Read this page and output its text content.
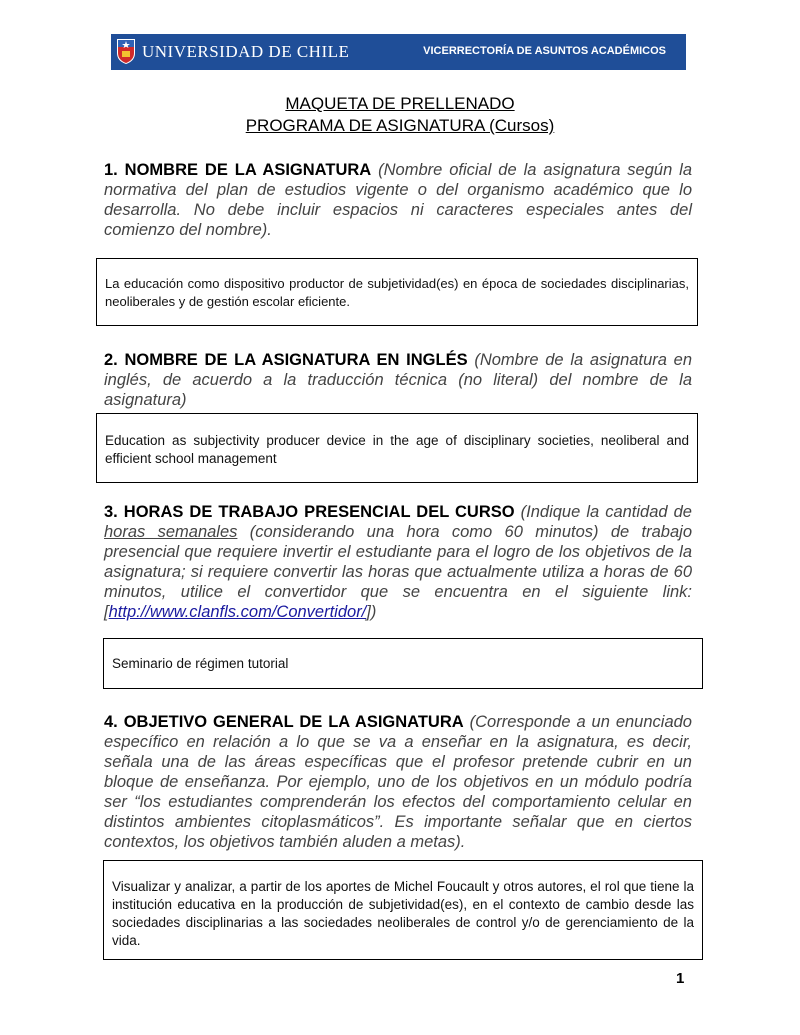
UNIVERSIDAD DE CHILE	VICERRECTORÍA DE ASUNTOS ACADÉMICOS
MAQUETA DE PRELLENADO
PROGRAMA DE ASIGNATURA (Cursos)
1. NOMBRE DE LA ASIGNATURA (Nombre oficial de la asignatura según la normativa del plan de estudios vigente o del organismo académico que lo desarrolla. No debe incluir espacios ni caracteres especiales antes del comienzo del nombre).

La educación como dispositivo productor de subjetividad(es) en época de sociedades disciplinarias, neoliberales y de gestión escolar eficiente.

2. NOMBRE DE LA ASIGNATURA EN INGLÉS (Nombre de la asignatura en inglés, de acuerdo a la traducción técnica (no literal) del nombre de la asignatura)

Education as subjectivity producer device in the age of disciplinary societies, neoliberal and efficient school management

3. HORAS DE TRABAJO PRESENCIAL DEL CURSO (Indique la cantidad de horas semanales (considerando una hora como 60 minutos) de trabajo presencial que requiere invertir el estudiante para el logro de los objetivos de la asignatura; si requiere convertir las horas que actualmente utiliza a horas de 60 minutos, utilice el convertidor que se encuentra en el siguiente link: [http://www.clanfls.com/Convertidor/])

Seminario de régimen tutorial

4. OBJETIVO GENERAL DE LA ASIGNATURA (Corresponde a un enunciado específico en relación a lo que se va a enseñar en la asignatura, es decir, señala una de las áreas específicas que el profesor pretende cubrir en un bloque de enseñanza. Por ejemplo, uno de los objetivos en un módulo podría ser “los estudiantes comprenderán los efectos del comportamiento celular en distintos ambientes citoplasmáticos”. Es importante señalar que en ciertos contextos, los objetivos también aluden a metas).

Visualizar y analizar, a partir de los aportes de Michel Foucault y otros autores, el rol que tiene la institución educativa en la producción de subjetividad(es), en el contexto de cambio desde las sociedades disciplinarias a las sociedades neoliberales de control y/o de gerenciamiento de la vida.

1
